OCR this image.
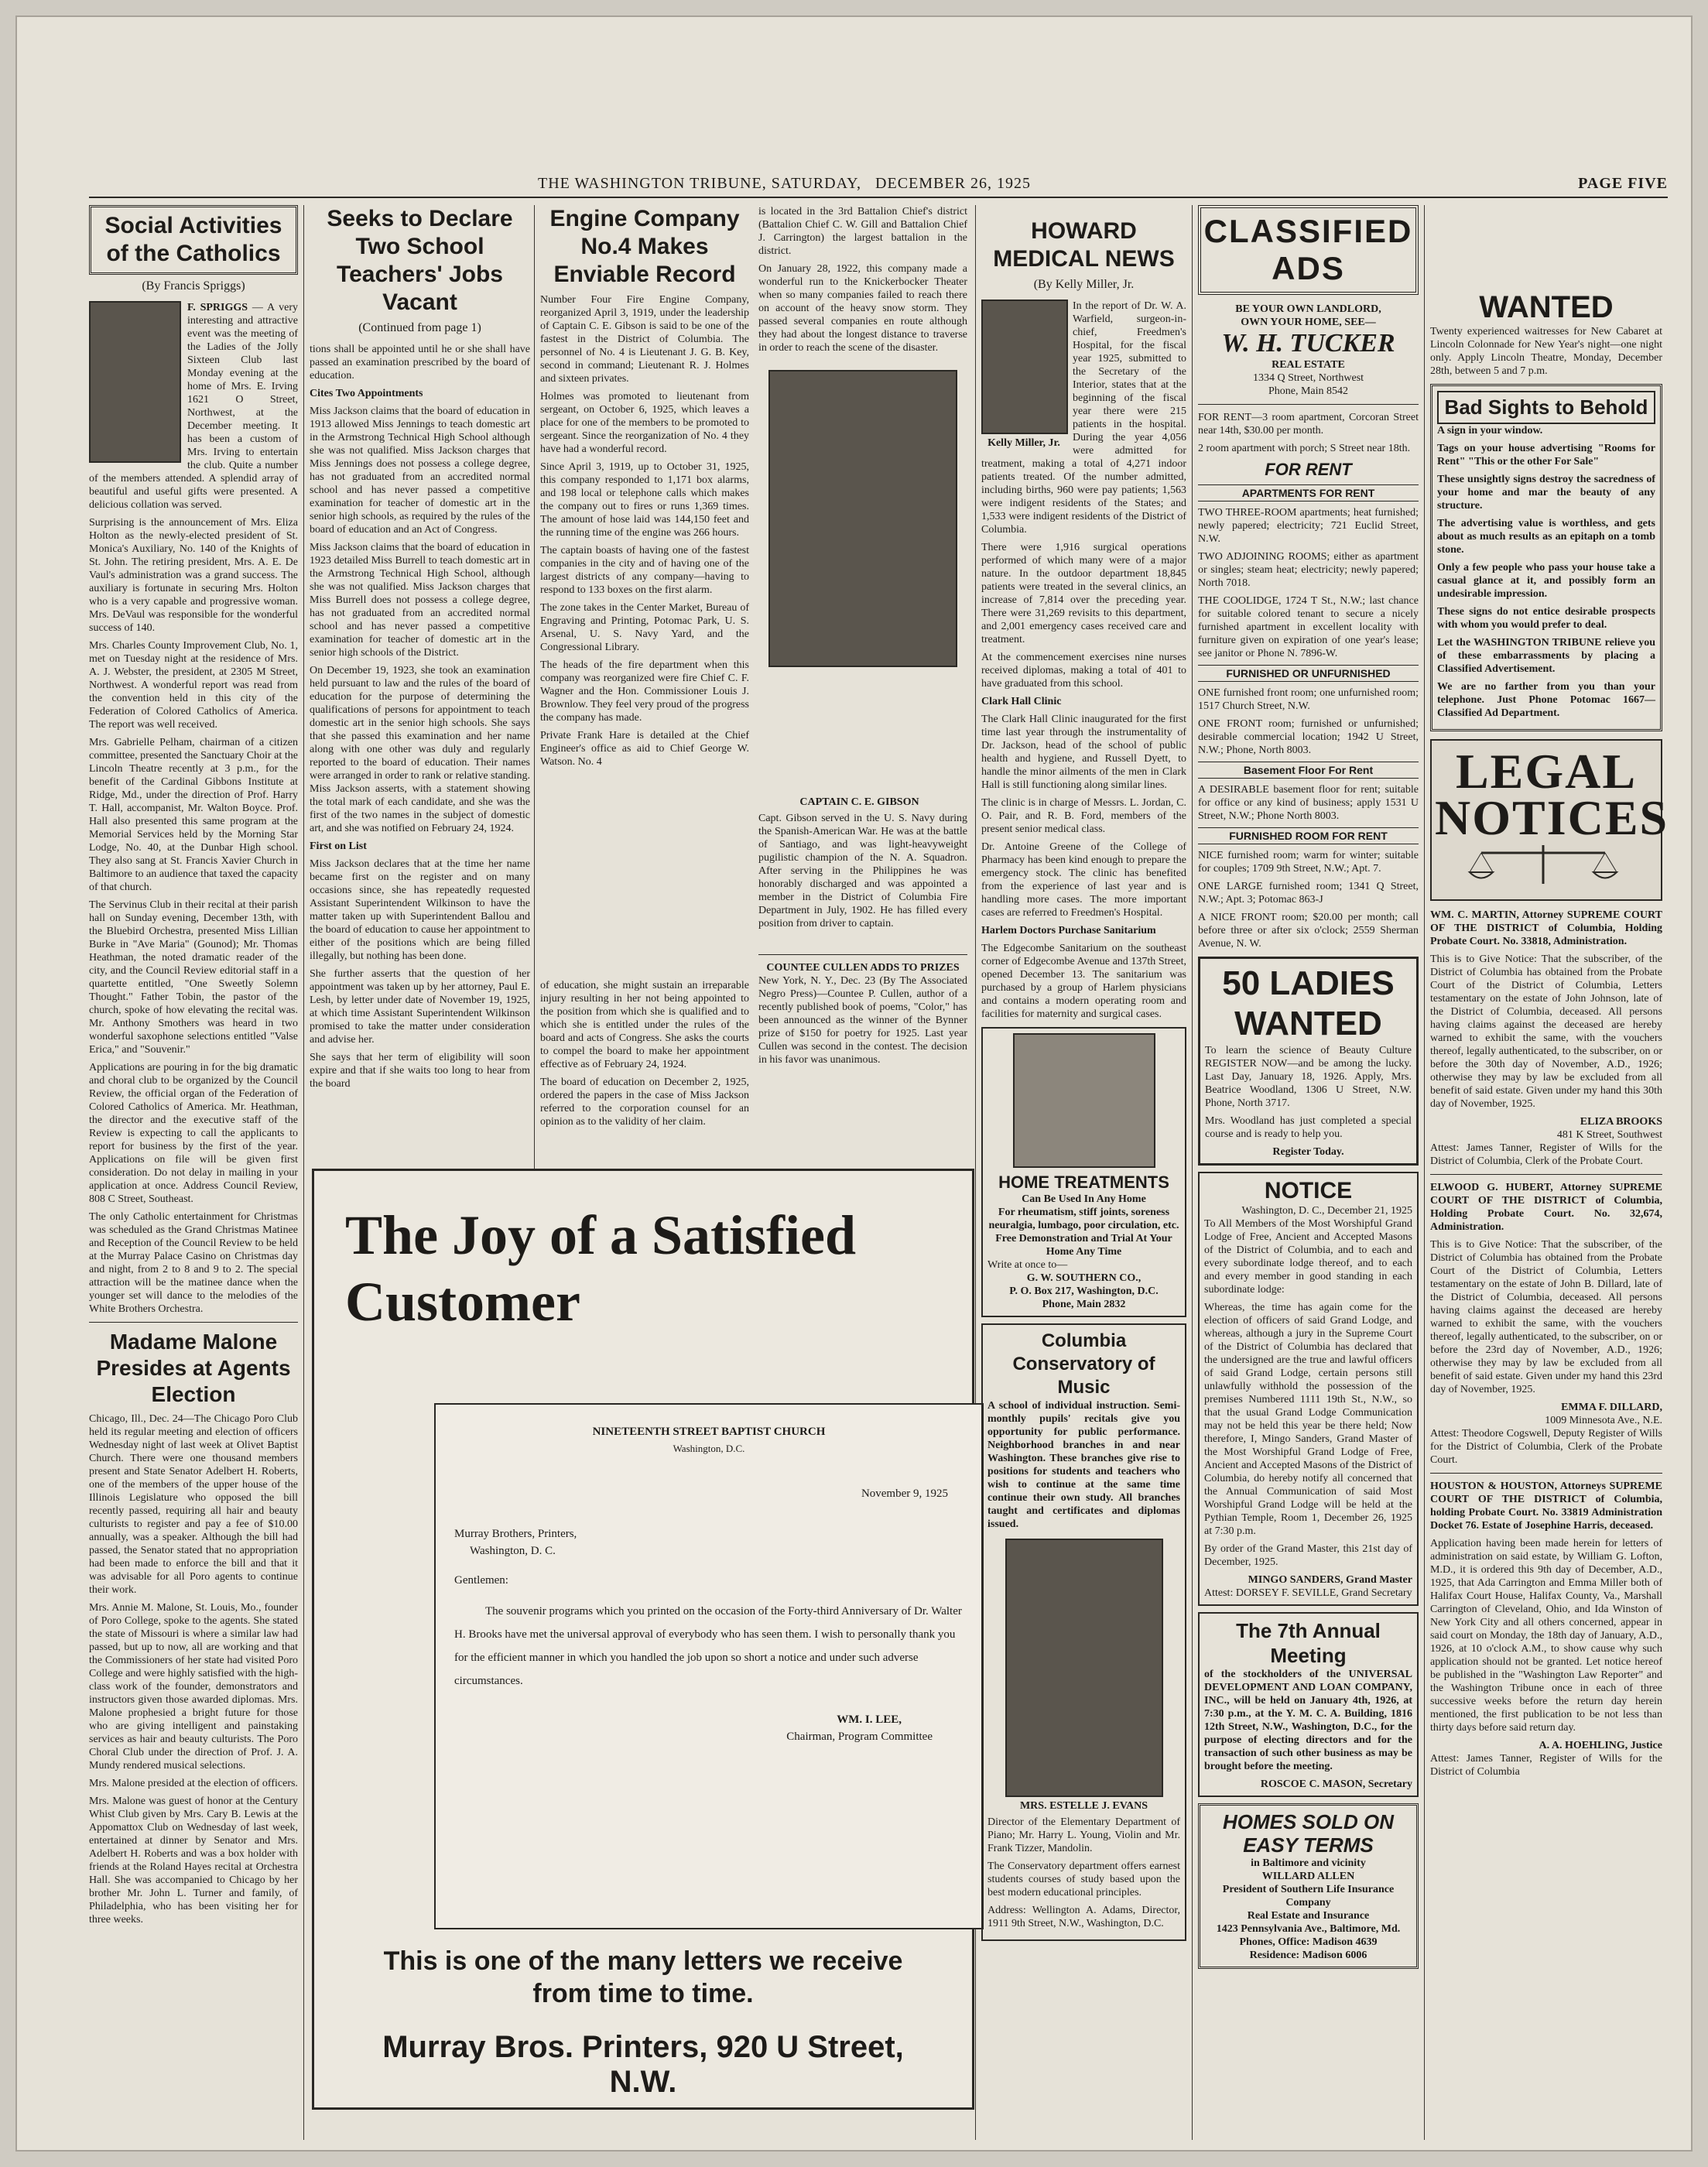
THE WASHINGTON TRIBUNE, SATURDAY, DECEMBER 26, 1925	PAGE FIVE
Social Activities of the Catholics
(By Francis Spriggs)

F. SPRIGGS — A very interesting and attractive event was the meeting of the Ladies of the Jolly Sixteen Club last Monday evening at the home of Mrs. E. Irving 1621 O Street, Northwest, at the December meeting. It has been a custom of Mrs. Irving to entertain the club. Quite a number of the members attended. A splendid array of beautiful and useful gifts were presented. A delicious collation was served.

Surprising is the announcement of Mrs. Eliza Holton as the newly-elected president of St. Monica's Auxiliary, No. 140 of the Knights of St. John. The retiring president, Mrs. A. E. De Vaul's administration was a grand success. The auxiliary is fortunate in securing Mrs. Holton who is a very capable and progressive woman. Mrs. DeVaul was responsible for the wonderful success of 140.

Mrs. Charles County Improvement Club, No. 1, met on Tuesday night at the residence of Mrs. A. J. Webster, the president, at 2305 M Street, Northwest. A wonderful report was read from the convention held in this city of the Federation of Colored Catholics of America. The report was well received.

Mrs. Gabrielle Pelham, chairman of a citizen committee, presented the Sanctuary Choir at the Lincoln Theatre recently at 3 p.m., for the benefit of the Cardinal Gibbons Institute at Ridge, Md., under the direction of Prof. Harry T. Hall, accompanist, Mr. Walton Boyce. Prof. Hall also presented this same program at the Memorial Services held by the Morning Star Lodge, No. 40, at the Dunbar High school. They also sang at St. Francis Xavier Church in Baltimore to an audience that taxed the capacity of that church.

The Servinus Club in their recital at their parish hall on Sunday evening, December 13th, with the Bluebird Orchestra, presented Miss Lillian Burke in "Ave Maria" (Gounod); Mr. Thomas Heathman, the noted dramatic reader of the city, and the Council Review editorial staff in a quartette entitled, "One Sweetly Solemn Thought." Father Tobin, the pastor of the church, spoke of how elevating the recital was. Mr. Anthony Smothers was heard in two wonderful saxophone selections entitled "Valse Erica," and "Souvenir."

Applications are pouring in for the big dramatic and choral club to be organized by the Council Review, the official organ of the Federation of Colored Catholics of America. Mr. Heathman, the director and the executive staff of the Review is expecting to call the applicants to report for business by the first of the year. Applications on file will be given first consideration. Do not delay in mailing in your application at once. Address Council Review, 808 C Street, Southeast.

The only Catholic entertainment for Christmas was scheduled as the Grand Christmas Matinee and Reception of the Council Review to be held at the Murray Palace Casino on Christmas day and night, from 2 to 8 and 9 to 2. The special attraction will be the matinee dance when the younger set will dance to the melodies of the White Brothers Orchestra.

Madame Malone Presides at Agents Election

Chicago, Ill., Dec. 24—The Chicago Poro Club held its regular meeting and election of officers Wednesday night of last week at Olivet Baptist Church. There were one thousand members present and State Senator Adelbert H. Roberts, one of the members of the upper house of the Illinois Legislature who opposed the bill recently passed, requiring all hair and beauty culturists to register and pay a fee of $10.00 annually, was a speaker. Although the bill had passed, the Senator stated that no appropriation had been made to enforce the bill and that it was advisable for all Poro agents to continue their work.

Mrs. Annie M. Malone, St. Louis, Mo., founder of Poro College, spoke to the agents. She stated the state of Missouri is where a similar law had passed, but up to now, all are working and that the Commissioners of her state had visited Poro College and were highly satisfied with the high-class work of the founder, demonstrators and instructors given those awarded diplomas. Mrs. Malone prophesied a bright future for those who are giving intelligent and painstaking services as hair and beauty culturists. The Poro Choral Club under the direction of Prof. J. A. Mundy rendered musical selections.

Mrs. Malone presided at the election of officers.

Mrs. Malone was guest of honor at the Century Whist Club given by Mrs. Cary B. Lewis at the Appomattox Club on Wednesday of last week, entertained at dinner by Senator and Mrs. Adelbert H. Roberts and was a box holder with friends at the Roland Hayes recital at Orchestra Hall. She was accompanied to Chicago by her brother Mr. John L. Turner and family, of Philadelphia, who has been visiting her for three weeks.

Seeks to Declare Two School Teachers' Jobs Vacant
(Continued from page 1)

tions shall be appointed until he or she shall have passed an examination prescribed by the board of education.

Cites Two Appointments

Miss Jackson claims that the board of education in 1913 allowed Miss Jennings to teach domestic art in the Armstrong Technical High School although she was not qualified. Miss Jackson charges that Miss Jennings does not possess a college degree, has not graduated from an accredited normal school and has never passed a competitive examination for teacher of domestic art in the senior high schools, as required by the rules of the board of education and an Act of Congress.

Miss Jackson claims that the board of education in 1923 detailed Miss Burrell to teach domestic art in the Armstrong Technical High School, although she was not qualified. Miss Jackson charges that Miss Burrell does not possess a college degree, has not graduated from an accredited normal school and has never passed a competitive examination for teacher of domestic art in the senior high schools of the District.

On December 19, 1923, she took an examination held pursuant to law and the rules of the board of education for the purpose of determining the qualifications of persons for appointment to teach domestic art in the senior high schools. She says that she passed this examination and her name along with one other was duly and regularly reported to the board of education. Their names were arranged in order to rank or relative standing. Miss Jackson asserts, with a statement showing the total mark of each candidate, and she was the first of the two names in the subject of domestic art, and she was notified on February 24, 1924.

First on List

Miss Jackson declares that at the time her name became first on the register and on many occasions since, she has repeatedly requested Assistant Superintendent Wilkinson to have the matter taken up with Superintendent Ballou and the board of education to cause her appointment to either of the positions which are being filled illegally, but nothing has been done.

She further asserts that the question of her appointment was taken up by her attorney, Paul E. Lesh, by letter under date of November 19, 1925, at which time Assistant Superintendent Wilkinson promised to take the matter under consideration and advise her.

She says that her term of eligibility will soon expire and that if she waits too long to hear from the board

Engine Company No.4 Makes Enviable Record

Number Four Fire Engine Company, reorganized April 3, 1919, under the leadership of Captain C. E. Gibson is said to be one of the fastest in the District of Columbia. The personnel of No. 4 is Lieutenant J. G. B. Key, second in command; Lieutenant R. J. Holmes and sixteen privates.

Holmes was promoted to lieutenant from sergeant, on October 6, 1925, which leaves a place for one of the members to be promoted to sergeant. Since the reorganization of No. 4 they have had a wonderful record.

Since April 3, 1919, up to October 31, 1925, this company responded to 1,171 box alarms, and 198 local or telephone calls which makes the company out to fires or runs 1,369 times. The amount of hose laid was 144,150 feet and the running time of the engine was 266 hours.

The captain boasts of having one of the fastest companies in the city and of having one of the largest districts of any company—having to respond to 133 boxes on the first alarm.

The zone takes in the Center Market, Bureau of Engraving and Printing, Potomac Park, U. S. Arsenal, U. S. Navy Yard, and the Congressional Library.

The heads of the fire department when this company was reorganized were fire Chief C. F. Wagner and the Hon. Commissioner Louis J. Brownlow. They feel very proud of the progress the company has made.

Private Frank Hare is detailed at the Chief Engineer's office as aid to Chief George W. Watson. No. 4

is located in the 3rd Battalion Chief's district (Battalion Chief C. W. Gill and Battalion Chief J. Carrington) the largest battalion in the district.

On January 28, 1922, this company made a wonderful run to the Knickerbocker Theater when so many companies failed to reach there on account of the heavy snow storm. They passed several companies en route although they had about the longest distance to traverse in order to reach the scene of the disaster.

CAPTAIN C. E. GIBSON

Capt. Gibson served in the U. S. Navy during the Spanish-American War. He was at the battle of Santiago, and was light-heavyweight pugilistic champion of the N. A. Squadron. After serving in the Philippines he was honorably discharged and was appointed a member in the District of Columbia Fire Department in July, 1902. He has filled every position from driver to captain.

COUNTEE CULLEN ADDS TO PRIZES

New York, N. Y., Dec. 23 (By The Associated Negro Press)—Countee P. Cullen, author of a recently published book of poems, "Color," has been announced as the winner of the Bynner prize of $150 for poetry for 1925. Last year Cullen was second in the contest. The decision in his favor was unanimous.

of education, she might sustain an irreparable injury resulting in her not being appointed to the position from which she is qualified and to which she is entitled under the rules of the board and acts of Congress. She asks the courts to compel the board to make her appointment effective as of February 24, 1924.

The board of education on December 2, 1925, ordered the papers in the case of Miss Jackson referred to the corporation counsel for an opinion as to the validity of her claim.

The Joy of a Satisfied Customer
NINETEENTH STREET BAPTIST CHURCH
Washington, D.C.
November 9, 1925
Murray Brothers, Printers,
Washington, D. C.
Gentlemen:
The souvenir programs which you printed on the occasion of the Forty-third Anniversary of Dr. Walter H. Brooks have met the universal approval of everybody who has seen them. I wish to personally thank you for the efficient manner in which you handled the job upon so short a notice and under such adverse circumstances.
WM. I. LEE,
Chairman, Program Committee
This is one of the many letters we receive from time to time.
Murray Bros. Printers, 920 U Street, N.W.
HOWARD MEDICAL NEWS
(By Kelly Miller, Jr.
Kelly Miller, Jr.

In the report of Dr. W. A. Warfield, surgeon-in-chief, Freedmen's Hospital, for the fiscal year 1925, submitted to the Secretary of the Interior, states that at the beginning of the fiscal year there were 215 patients in the hospital. During the year 4,056 were admitted for treatment, making a total of 4,271 indoor patients treated. Of the number admitted, including births, 960 were pay patients; 1,563 were indigent residents of the States; and 1,533 were indigent residents of the District of Columbia.

There were 1,916 surgical operations performed of which many were of a major nature. In the outdoor department 18,845 patients were treated in the several clinics, an increase of 7,814 over the preceding year. There were 31,269 revisits to this department, and 2,001 emergency cases received care and treatment.

At the commencement exercises nine nurses received diplomas, making a total of 401 to have graduated from this school.

Clark Hall Clinic

The Clark Hall Clinic inaugurated for the first time last year through the instrumentality of Dr. Jackson, head of the school of public health and hygiene, and Russell Dyett, to handle the minor ailments of the men in Clark Hall is still functioning along similar lines.

The clinic is in charge of Messrs. L. Jordan, C. O. Pair, and R. B. Ford, members of the present senior medical class.

Dr. Antoine Greene of the College of Pharmacy has been kind enough to prepare the emergency stock. The clinic has benefited from the experience of last year and is handling more cases. The more important cases are referred to Freedmen's Hospital.

Harlem Doctors Purchase Sanitarium

The Edgecombe Sanitarium on the southeast corner of Edgecombe Avenue and 137th Street, opened December 13. The sanitarium was purchased by a group of Harlem physicians and contains a modern operating room and facilities for maternity and surgical cases.

HOME TREATMENTS
Can Be Used In Any Home
For rheumatism, stiff joints, soreness neuralgia, lumbago, poor circulation, etc.
Free Demonstration and Trial At Your Home Any Time
Write at once to—
G. W. SOUTHERN CO.,
P. O. Box 217, Washington, D.C.
Phone, Main 2832
Columbia Conservatory of Music

A school of individual instruction. Semi-monthly pupils' recitals give you opportunity for public performance. Neighborhood branches in and near Washington. These branches give rise to positions for students and teachers who wish to continue at the same time continue their own study. All branches taught and certificates and diplomas issued.

MRS. ESTELLE J. EVANS

Director of the Elementary Department of Piano; Mr. Harry L. Young, Violin and Mr. Frank Tizzer, Mandolin.

The Conservatory department offers earnest students courses of study based upon the best modern educational principles.

Address: Wellington A. Adams, Director, 1911 9th Street, N.W., Washington, D.C.

CLASSIFIED ADS
BE YOUR OWN LANDLORD,
OWN YOUR HOME, SEE—
W. H. TUCKER
REAL ESTATE
1334 Q Street, Northwest
Phone, Main 8542

FOR RENT—3 room apartment, Corcoran Street near 14th, $30.00 per month.

2 room apartment with porch; S Street near 18th.

FOR RENT
APARTMENTS FOR RENT

TWO THREE-ROOM apartments; heat furnished; newly papered; electricity; 721 Euclid Street, N.W.

TWO ADJOINING ROOMS; either as apartment or singles; steam heat; electricity; newly papered; North 7018.

THE COOLIDGE, 1724 T St., N.W.; last chance for suitable colored tenant to secure a nicely furnished apartment in excellent locality with furniture given on expiration of one year's lease; see janitor or Phone N. 7896-W.

FURNISHED OR UNFURNISHED

ONE furnished front room; one unfurnished room; 1517 Church Street, N.W.

ONE FRONT room; furnished or unfurnished; desirable commercial location; 1942 U Street, N.W.; Phone, North 8003.

Basement Floor For Rent

A DESIRABLE basement floor for rent; suitable for office or any kind of business; apply 1531 U Street, N.W.; Phone North 8003.

FURNISHED ROOM FOR RENT

NICE furnished room; warm for winter; suitable for couples; 1709 9th Street, N.W.; Apt. 7.

ONE LARGE furnished room; 1341 Q Street, N.W.; Apt. 3; Potomac 863-J

A NICE FRONT room; $20.00 per month; call before three or after six o'clock; 2559 Sherman Avenue, N. W.

50 LADIES WANTED

To learn the science of Beauty Culture REGISTER NOW—and be among the lucky. Last Day, January 18, 1926. Apply, Mrs. Beatrice Woodland, 1306 U Street, N.W. Phone, North 3717.

Mrs. Woodland has just completed a special course and is ready to help you.

Register Today.
NOTICE
Washington, D. C., December 21, 1925

To All Members of the Most Worshipful Grand Lodge of Free, Ancient and Accepted Masons of the District of Columbia, and to each and every subordinate lodge thereof, and to each and every member in good standing in each subordinate lodge:

Whereas, the time has again come for the election of officers of said Grand Lodge, and whereas, although a jury in the Supreme Court of the District of Columbia has declared that the undersigned are the true and lawful officers of said Grand Lodge, certain persons still unlawfully withhold the possession of the premises Numbered 1111 19th St., N.W., so that the usual Grand Lodge Communication may not be held this year be there held; Now therefore, I, Mingo Sanders, Grand Master of the Most Worshipful Grand Lodge of Free, Ancient and Accepted Masons of the District of Columbia, do hereby notify all concerned that the Annual Communication of said Most Worshipful Grand Lodge will be held at the Pythian Temple, Room 1, December 26, 1925 at 7:30 p.m.

By order of the Grand Master, this 21st day of December, 1925.

MINGO SANDERS, Grand Master
Attest: DORSEY F. SEVILLE, Grand Secretary
The 7th Annual Meeting

of the stockholders of the UNIVERSAL DEVELOPMENT AND LOAN COMPANY, INC., will be held on January 4th, 1926, at 7:30 p.m., at the Y. M. C. A. Building, 1816 12th Street, N.W., Washington, D.C., for the purpose of electing directors and for the transaction of such other business as may be brought before the meeting.

ROSCOE C. MASON, Secretary
HOMES SOLD ON EASY TERMS
in Baltimore and vicinity
WILLARD ALLEN
President of Southern Life Insurance Company
Real Estate and Insurance
1423 Pennsylvania Ave., Baltimore, Md.
Phones, Office: Madison 4639
Residence: Madison 6006
WANTED

Twenty experienced waitresses for New Cabaret at Lincoln Colonnade for New Year's night—one night only. Apply Lincoln Theatre, Monday, December 28th, between 5 and 7 p.m.

Bad Sights to Behold

A sign in your window.

Tags on your house advertising "Rooms for Rent" "This or the other For Sale"

These unsightly signs destroy the sacredness of your home and mar the beauty of any structure.

The advertising value is worthless, and gets about as much results as an epitaph on a tomb stone.

Only a few people who pass your house take a casual glance at it, and possibly form an undesirable impression.

These signs do not entice desirable prospects with whom you would prefer to deal.

Let the WASHINGTON TRIBUNE relieve you of these embarrassments by placing a Classified Advertisement.

We are no farther from you than your telephone. Just Phone Potomac 1667—Classified Ad Department.

LEGAL NOTICES

WM. C. MARTIN, Attorney SUPREME COURT OF THE DISTRICT of Columbia, Holding Probate Court. No. 33818, Administration.

This is to Give Notice: That the subscriber, of the District of Columbia has obtained from the Probate Court of the District of Columbia, Letters testamentary on the estate of John Johnson, late of the District of Columbia, deceased. All persons having claims against the deceased are hereby warned to exhibit the same, with the vouchers thereof, legally authenticated, to the subscriber, on or before the 30th day of November, A.D., 1926; otherwise they may by law be excluded from all benefit of said estate. Given under my hand this 30th day of November, 1925.

ELIZA BROOKS
481 K Street, Southwest

Attest: James Tanner, Register of Wills for the District of Columbia, Clerk of the Probate Court.

ELWOOD G. HUBERT, Attorney SUPREME COURT OF THE DISTRICT of Columbia, Holding Probate Court. No. 32,674, Administration.

This is to Give Notice: That the subscriber, of the District of Columbia has obtained from the Probate Court of the District of Columbia, Letters testamentary on the estate of John B. Dillard, late of the District of Columbia, deceased. All persons having claims against the deceased are hereby warned to exhibit the same, with the vouchers thereof, legally authenticated, to the subscriber, on or before the 23rd day of November, A.D., 1926; otherwise they may by law be excluded from all benefit of said estate. Given under my hand this 23rd day of November, 1925.

EMMA F. DILLARD,
1009 Minnesota Ave., N.E.

Attest: Theodore Cogswell, Deputy Register of Wills for the District of Columbia, Clerk of the Probate Court.

HOUSTON & HOUSTON, Attorneys SUPREME COURT OF THE DISTRICT of Columbia, holding Probate Court. No. 33819 Administration Docket 76. Estate of Josephine Harris, deceased.

Application having been made herein for letters of administration on said estate, by William G. Lofton, M.D., it is ordered this 9th day of December, A.D., 1925, that Ada Carrington and Emma Miller both of Halifax Court House, Halifax County, Va., Marshall Carrington of Cleveland, Ohio, and Ida Winston of New York City and all others concerned, appear in said court on Monday, the 18th day of January, A.D., 1926, at 10 o'clock A.M., to show cause why such application should not be granted. Let notice hereof be published in the "Washington Law Reporter" and the Washington Tribune once in each of three successive weeks before the return day herein mentioned, the first publication to be not less than thirty days before said return day.

A. A. HOEHLING, Justice

Attest: James Tanner, Register of Wills for the District of Columbia
